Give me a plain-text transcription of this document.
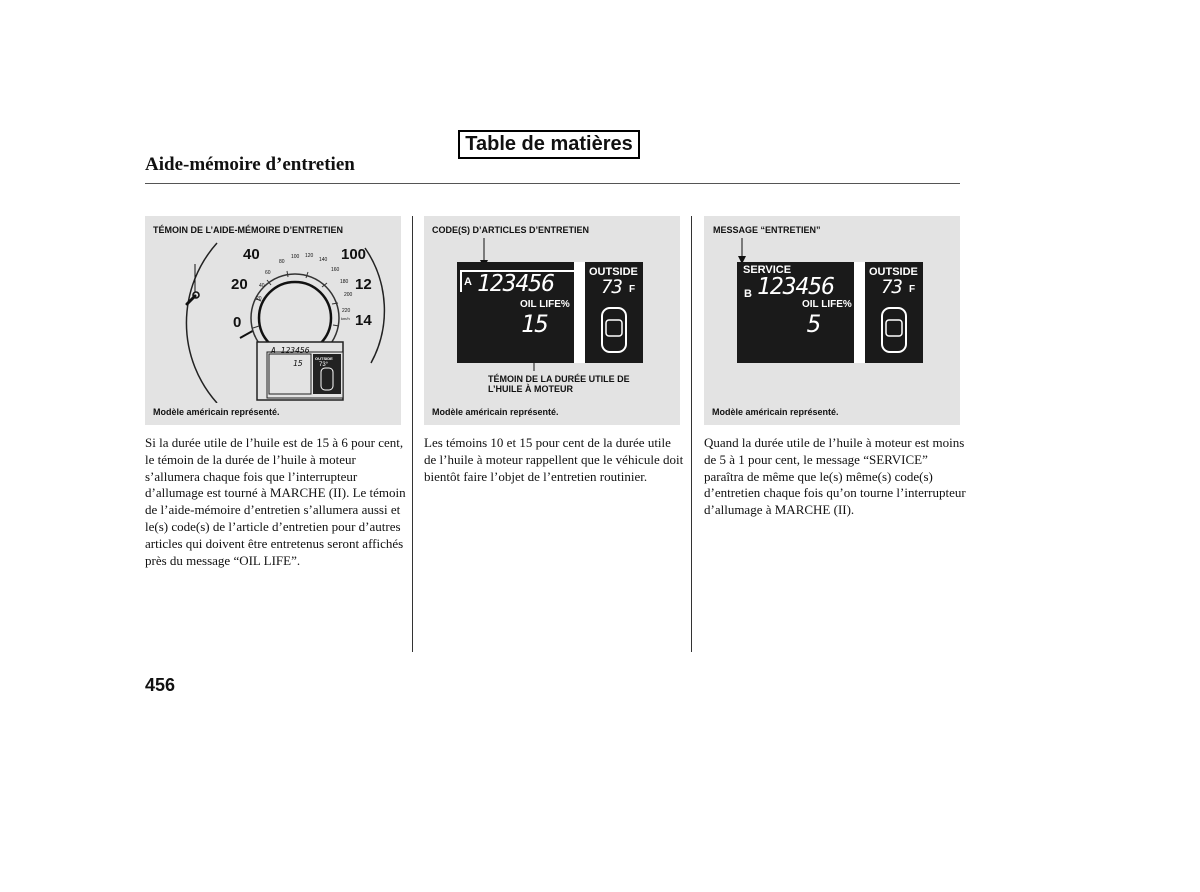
Table de matières
Aide-mémoire d’entretien
TÉMOIN DE L’AIDE-MÉMOIRE D’ENTRETIEN
40
20
0
100
12
14
80
100 120
140
160
180
200
220
60
40
20
km/h
A 123456
15
OUTSIDE
73°
Modèle américain représenté.
CODE(S) D’ARTICLES D’ENTRETIEN
A 123456
OIL LIFE%
15
OUTSIDE
73 F
TÉMOIN DE LA DURÉE UTILE DE L’HUILE À MOTEUR
Modèle américain représenté.
MESSAGE “ENTRETIEN”
SERVICE
B 123456
OIL LIFE%
5
OUTSIDE
73 F
Modèle américain représenté.
Si la durée utile de l’huile est de 15 à 6 pour cent, le témoin de la durée de l’huile à moteur s’allumera chaque fois que l’interrupteur d’allumage est tourné à MARCHE (II). Le témoin de l’aide-mémoire d’entretien s’allumera aussi et le(s) code(s) de l’article d’entretien pour d’autres articles qui doivent être entretenus seront affichés près du message “OIL LIFE”.
Les témoins 10 et 15 pour cent de la durée utile de l’huile à moteur rappellent que le véhicule doit bientôt faire l’objet de l’entretien routinier.
Quand la durée utile de l’huile à moteur est moins de 5 à 1 pour cent, le message “SERVICE” paraîtra de même que le(s) même(s) code(s) d’entretien chaque fois qu’on tourne l’interrupteur d’allumage à MARCHE (II).
456
